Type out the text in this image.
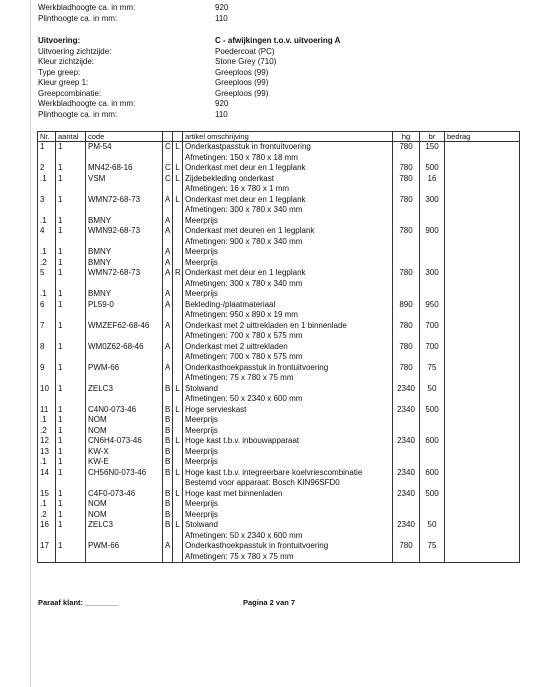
Werkbladhoogte ca. in mm:	920
Plinthoogte ca. in mm:	110
Uitvoering:	C - afwijkingen t.o.v. uitvoering A
Uitvoering zichtzijde:	Poedercoat (PC)
Kleur zichtzijde:	Stone Grey (710)
Type greep:	Greeploos (99)
Kleur greep 1:	Greeploos (99)
Greepcombinatie:	Greeploos (99)
Werkbladhoogte ca. in mm:	920
Plinthoogte ca. in mm:	110
Nr.	aantal	code			artikel omschrijving	hg	br	bedrag
1	1	PM-54	C	L	Onderkastpasstuk in frontuitvoering	780	150	
					Afmetingen: 150 x 780 x 18 mm			
2	1	MN42-68-16	C	L	Onderkast met deur en 1 legplank	780	500	
.1	1	VSM	C	L	Zijdebekleding onderkast	780	16	
					Afmetingen: 16 x 780 x 1 mm			
3	1	WMN72-68-73	A	L	Onderkast met deur en 1 legplank	780	300	
					Afmetingen: 300 x 780 x 340 mm			
.1	1	BMNY	A		Meerprijs			
4	1	WMN92-68-73	A		Onderkast met deuren en 1 legplank	780	900	
					Afmetingen: 900 x 780 x 340 mm			
.1	1	BMNY	A		Meerprijs			
.2	1	BMNY	A		Meerprijs			
5	1	WMN72-68-73	A	R	Onderkast met deur en 1 legplank	780	300	
					Afmetingen: 300 x 780 x 340 mm			
.1	1	BMNY	A		Meerprijs			
6	1	PL59-0	A		Bekleding-/plaatmateriaal	890	950	
					Afmetingen: 950 x 890 x 19 mm			
7	1	WMZEF62-68-46	A		Onderkast met 2 uittrekladen en 1 binnenlade	780	700	
					Afmetingen: 700 x 780 x 575 mm			
8	1	WM0Z62-68-46	A		Onderkast met 2 uittrekladen	780	700	
					Afmetingen: 700 x 780 x 575 mm			
9	1	PWM-66	A		Onderkasthoekpasstuk in frontuitvoering	780	75	
					Afmetingen: 75 x 780 x 75 mm			
10	1	ZELC3	B	L	Stolwand	2340	50	
					Afmetingen: 50 x 2340 x 600 mm			
11	1	C4N0-073-46	B	L	Hoge servieskast	2340	500	
.1	1	NOM	B		Meerprijs			
.2	1	NOM	B		Meerprijs			
12	1	CN6H4-073-46	B	L	Hoge kast t.b.v. inbouwapparaat	2340	600	
13	1	KW-X	B		Meerprijs			
.1	1	KW-E	B		Meerprijs			
14	1	CH56N0-073-46	B	L	Hoge kast t.b.v. integreerbare koelvriescombinatie	2340	600	
					Bestemd voor apparaat: Bosch KIN96SFD0			
15	1	C4F0-073-46	B	L	Hoge kast met binnenladen	2340	500	
.1	1	NOM	B		Meerprijs			
.2	1	NOM	B		Meerprijs			
16	1	ZELC3	B	L	Stolwand	2340	50	
					Afmetingen: 50 x 2340 x 600 mm			
17	1	PWM-66	A		Onderkasthoekpasstuk in frontuitvoering	780	75	
					Afmetingen: 75 x 780 x 75 mm			
Paraaf klant: ________	Pagina 2 van 7
